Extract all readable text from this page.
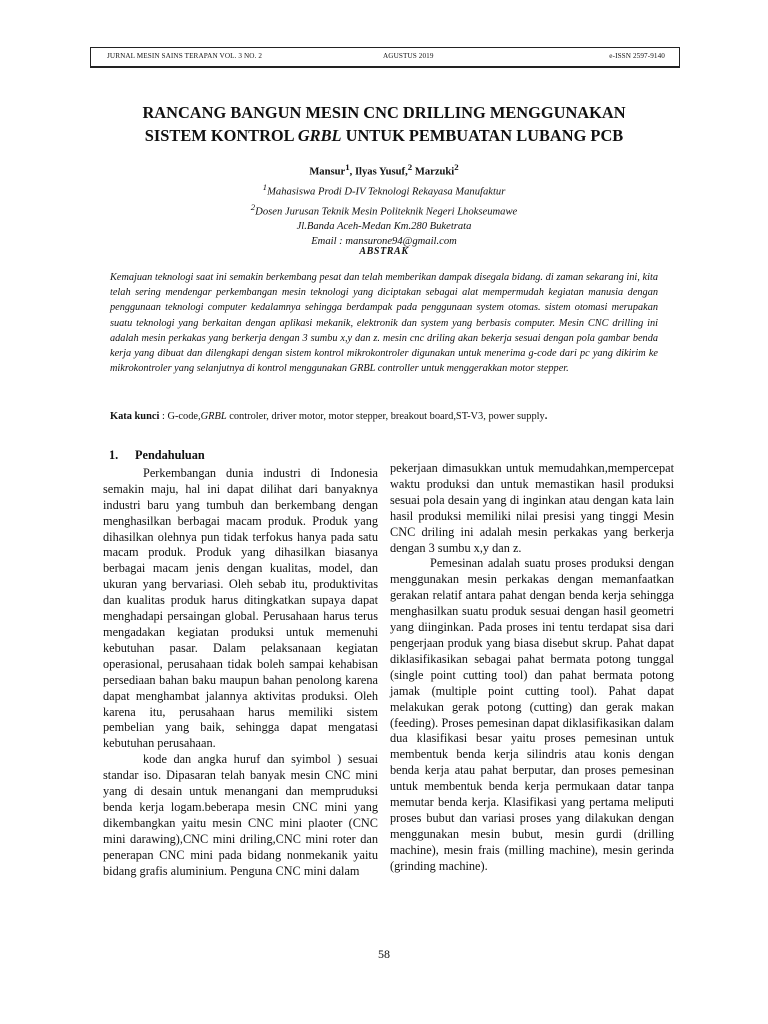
JURNAL MESIN SAINS TERAPAN VOL. 3 NO. 2	AGUSTUS 2019	e-ISSN 2597-9140
RANCANG BANGUN MESIN CNC DRILLING MENGGUNAKAN
SISTEM KONTROL GRBL UNTUK PEMBUATAN LUBANG PCB
Mansur$^1$, Ilyas Yusuf,$^2$ Marzuki$^2$
$^1$Mahasiswa Prodi D-IV Teknologi Rekayasa Manufaktur
$^2$Dosen Jurusan Teknik Mesin Politeknik Negeri Lhokseumawe
Jl.Banda Aceh-Medan Km.280 Buketrata
Email : mansurone94@gmail.com
ABSTRAK

Kemajuan teknologi saat ini semakin berkembang pesat dan telah memberikan dampak disegala bidang. di zaman sekarang ini, kita telah sering mendengar perkembangan mesin teknologi yang diciptakan sebagai alat mempermudah kegiatan manusia dengan penggunaan teknologi computer kedalamnya sehingga berdampak pada penggunaan system otomas. sistem otomasi merupakan suatu teknologi yang berkaitan dengan aplikasi mekanik, elektronik dan system yang berbasis computer. Mesin CNC drilling ini adalah mesin perkakas yang berkerja dengan 3 sumbu x,y dan z. mesin cnc driling akan bekerja sesuai dengan pola gambar benda kerja yang dibuat dan dilengkapi dengan sistem kontrol mikrokontroler digunakan untuk menerima g-code dari pc yang dikirim ke mikrokontroler yang selanjutnya di kontrol menggunakan GRBL controller untuk menggerakkan motor stepper.

Kata kunci : G-code,GRBL controler, driver motor, motor stepper, breakout board,ST-V3, power supply.
1. Pendahuluan

Perkembangan dunia industri di Indonesia semakin maju, hal ini dapat dilihat dari banyaknya industri baru yang tumbuh dan berkembang dengan menghasilkan berbagai macam produk. Produk yang dihasilkan olehnya pun tidak terfokus hanya pada satu macam produk. Produk yang dihasilkan biasanya berbagai macam jenis dengan kualitas, model, dan ukuran yang bervariasi. Oleh sebab itu, produktivitas dan kualitas produk harus ditingkatkan supaya dapat menghadapi persaingan global. Perusahaan harus terus mengadakan kegiatan produksi untuk memenuhi kebutuhan pasar. Dalam pelaksanaan kegiatan operasional, perusahaan tidak boleh sampai kehabisan persediaan bahan baku maupun bahan penolong karena dapat menghambat jalannya aktivitas produksi. Oleh karena itu, perusahaan harus memiliki sistem pembelian yang baik, sehingga dapat mengatasi kebutuhan perusahaan.

kode dan angka huruf dan syimbol ) sesuai standar iso. Dipasaran telah banyak mesin CNC mini yang di desain untuk menangani dan mempruduksi benda kerja logam.beberapa mesin CNC mini yang dikembangkan yaitu mesin CNC mini plaoter (CNC mini darawing),CNC mini driling,CNC mini roter dan penerapan CNC mini pada bidang nonmekanik yaitu bidang grafis aluminium. Penguna CNC mini dalam

pekerjaan dimasukkan untuk memudahkan,mempercepat waktu produksi dan untuk memastikan hasil produksi sesuai pola desain yang di inginkan atau dengan kata lain hasil produksi memiliki nilai presisi yang tinggi Mesin CNC driling ini adalah mesin perkakas yang berkerja dengan 3 sumbu x,y dan z.

Pemesinan adalah suatu proses produksi dengan menggunakan mesin perkakas dengan memanfaatkan gerakan relatif antara pahat dengan benda kerja sehingga menghasilkan suatu produk sesuai dengan hasil geometri yang diinginkan. Pada proses ini tentu terdapat sisa dari pengerjaan produk yang biasa disebut skrup. Pahat dapat diklasifikasikan sebagai pahat bermata potong tunggal (single point cutting tool) dan pahat bermata potong jamak (multiple point cutting tool). Pahat dapat melakukan gerak potong (cutting) dan gerak makan (feeding). Proses pemesinan dapat diklasifikasikan dalam dua klasifikasi besar yaitu proses pemesinan untuk membentuk benda kerja silindris atau konis dengan benda kerja atau pahat berputar, dan proses pemesinan untuk membentuk benda kerja permukaan datar tanpa memutar benda kerja. Klasifikasi yang pertama meliputi proses bubut dan variasi proses yang dilakukan dengan menggunakan mesin bubut, mesin gurdi (drilling machine), mesin frais (milling machine), mesin gerinda (grinding machine).

58
